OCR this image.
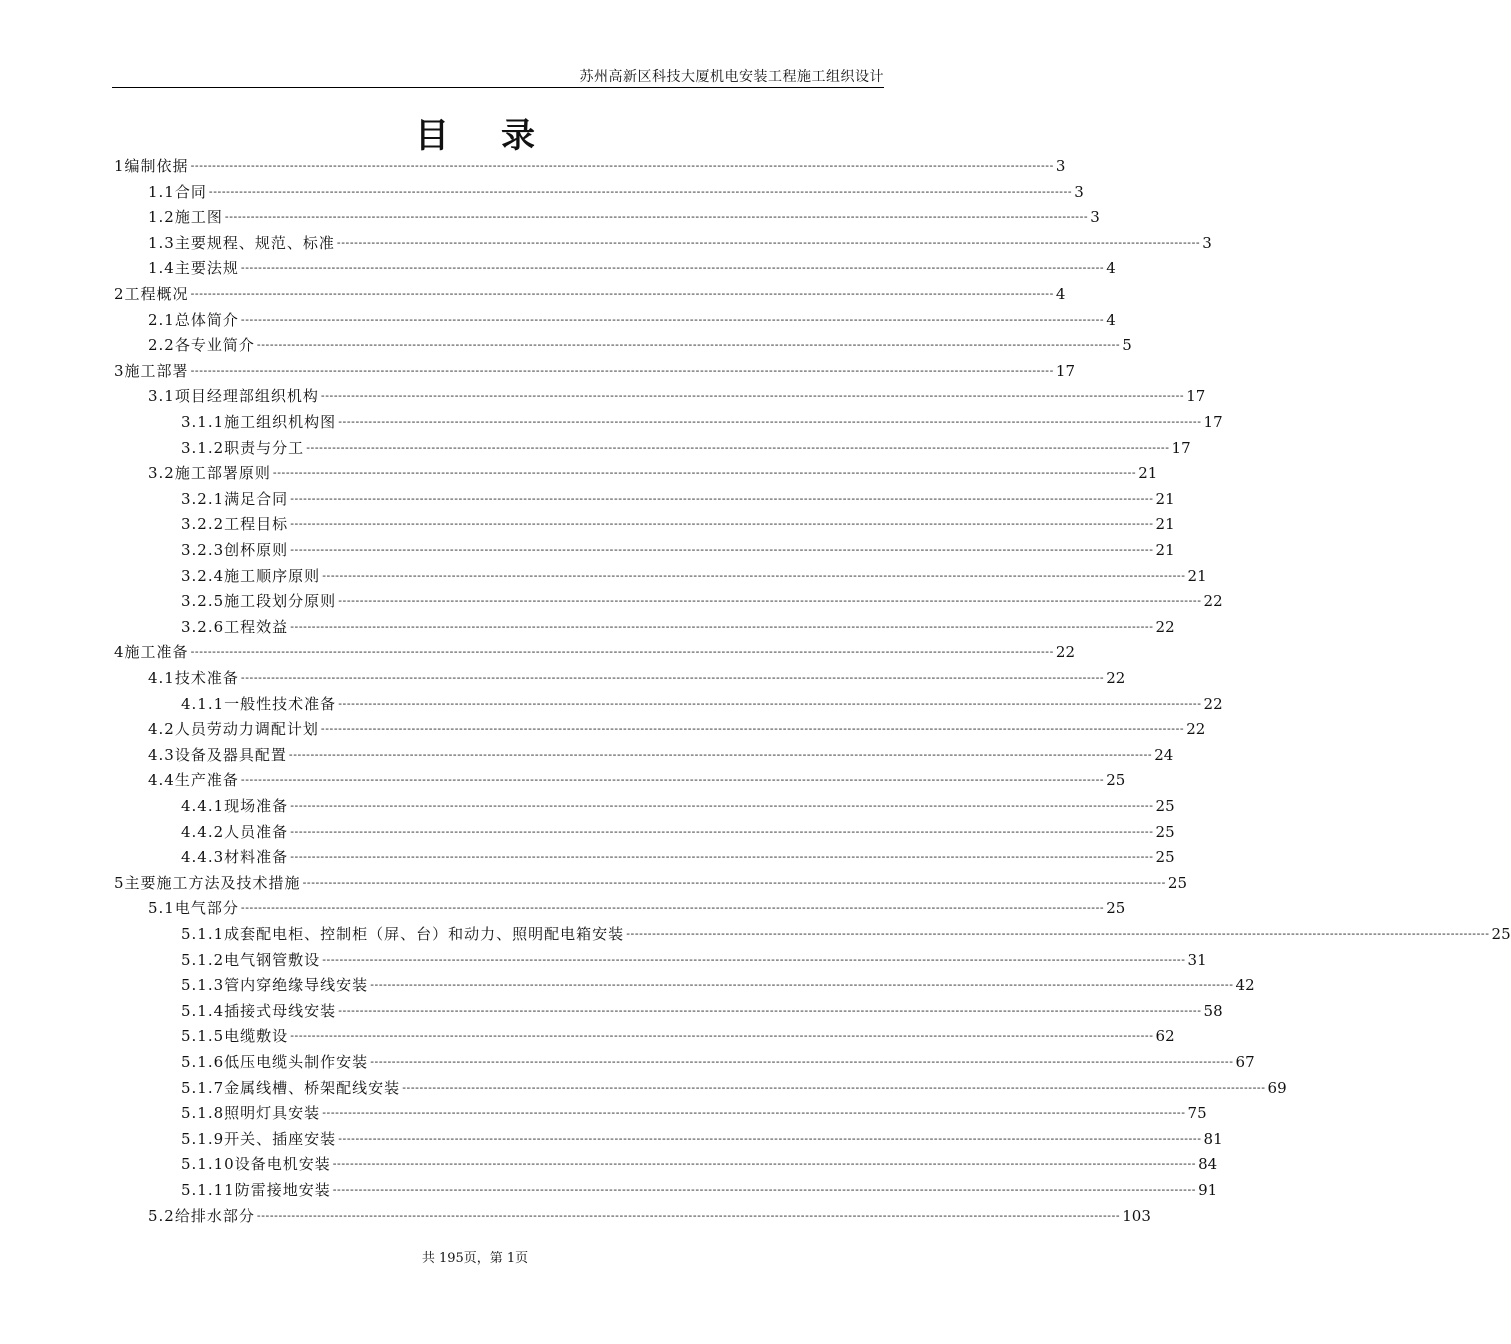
苏州高新区科技大厦机电安装工程施工组织设计
目录
1 编制依据 -------------------------------------------------------------------------------------------------------------------------------------------------------------------------------------------------------- 3
1.1 合同 -------------------------------------------------------------------------------------------------------------------------------------------------------------------------------------------------------- 3
1.2 施工图 -------------------------------------------------------------------------------------------------------------------------------------------------------------------------------------------------------- 3
1.3 主要规程、规范、标准 -------------------------------------------------------------------------------------------------------------------------------------------------------------------------------------------------------- 3
1.4 主要法规 -------------------------------------------------------------------------------------------------------------------------------------------------------------------------------------------------------- 4
2 工程概况 -------------------------------------------------------------------------------------------------------------------------------------------------------------------------------------------------------- 4
2.1 总体简介 -------------------------------------------------------------------------------------------------------------------------------------------------------------------------------------------------------- 4
2.2 各专业简介 -------------------------------------------------------------------------------------------------------------------------------------------------------------------------------------------------------- 5
3 施工部署 -------------------------------------------------------------------------------------------------------------------------------------------------------------------------------------------------------- 17
3.1 项目经理部组织机构 -------------------------------------------------------------------------------------------------------------------------------------------------------------------------------------------------------- 17
3.1.1 施工组织机构图 -------------------------------------------------------------------------------------------------------------------------------------------------------------------------------------------------------- 17
3.1.2 职责与分工 -------------------------------------------------------------------------------------------------------------------------------------------------------------------------------------------------------- 17
3.2 施工部署原则 -------------------------------------------------------------------------------------------------------------------------------------------------------------------------------------------------------- 21
3.2.1 满足合同 -------------------------------------------------------------------------------------------------------------------------------------------------------------------------------------------------------- 21
3.2.2 工程目标 -------------------------------------------------------------------------------------------------------------------------------------------------------------------------------------------------------- 21
3.2.3 创杯原则 -------------------------------------------------------------------------------------------------------------------------------------------------------------------------------------------------------- 21
3.2.4 施工顺序原则 -------------------------------------------------------------------------------------------------------------------------------------------------------------------------------------------------------- 21
3.2.5 施工段划分原则 -------------------------------------------------------------------------------------------------------------------------------------------------------------------------------------------------------- 22
3.2.6 工程效益 -------------------------------------------------------------------------------------------------------------------------------------------------------------------------------------------------------- 22
4 施工准备 -------------------------------------------------------------------------------------------------------------------------------------------------------------------------------------------------------- 22
4.1 技术准备 -------------------------------------------------------------------------------------------------------------------------------------------------------------------------------------------------------- 22
4.1.1 一般性技术准备 -------------------------------------------------------------------------------------------------------------------------------------------------------------------------------------------------------- 22
4.2 人员劳动力调配计划 -------------------------------------------------------------------------------------------------------------------------------------------------------------------------------------------------------- 22
4.3 设备及器具配置 -------------------------------------------------------------------------------------------------------------------------------------------------------------------------------------------------------- 24
4.4 生产准备 -------------------------------------------------------------------------------------------------------------------------------------------------------------------------------------------------------- 25
4.4.1 现场准备 -------------------------------------------------------------------------------------------------------------------------------------------------------------------------------------------------------- 25
4.4.2 人员准备 -------------------------------------------------------------------------------------------------------------------------------------------------------------------------------------------------------- 25
4.4.3 材料准备 -------------------------------------------------------------------------------------------------------------------------------------------------------------------------------------------------------- 25
5 主要施工方法及技术措施 -------------------------------------------------------------------------------------------------------------------------------------------------------------------------------------------------------- 25
5.1 电气部分 -------------------------------------------------------------------------------------------------------------------------------------------------------------------------------------------------------- 25
5.1.1 成套配电柜、控制柜（屏、台）和动力、照明配电箱安装 -------------------------------------------------------------------------------------------------------------------------------------------------------------------------------------------------------- 25
5.1.2 电气钢管敷设 -------------------------------------------------------------------------------------------------------------------------------------------------------------------------------------------------------- 31
5.1.3 管内穿绝缘导线安装 -------------------------------------------------------------------------------------------------------------------------------------------------------------------------------------------------------- 42
5.1.4 插接式母线安装 -------------------------------------------------------------------------------------------------------------------------------------------------------------------------------------------------------- 58
5.1.5 电缆敷设 -------------------------------------------------------------------------------------------------------------------------------------------------------------------------------------------------------- 62
5.1.6 低压电缆头制作安装 -------------------------------------------------------------------------------------------------------------------------------------------------------------------------------------------------------- 67
5.1.7 金属线槽、桥架配线安装 -------------------------------------------------------------------------------------------------------------------------------------------------------------------------------------------------------- 69
5.1.8 照明灯具安装 -------------------------------------------------------------------------------------------------------------------------------------------------------------------------------------------------------- 75
5.1.9 开关、插座安装 -------------------------------------------------------------------------------------------------------------------------------------------------------------------------------------------------------- 81
5.1.10 设备电机安装 -------------------------------------------------------------------------------------------------------------------------------------------------------------------------------------------------------- 84
5.1.11 防雷接地安装 -------------------------------------------------------------------------------------------------------------------------------------------------------------------------------------------------------- 91
5.2 给排水部分 -------------------------------------------------------------------------------------------------------------------------------------------------------------------------------------------------------- 103
共 195页，第 1页
